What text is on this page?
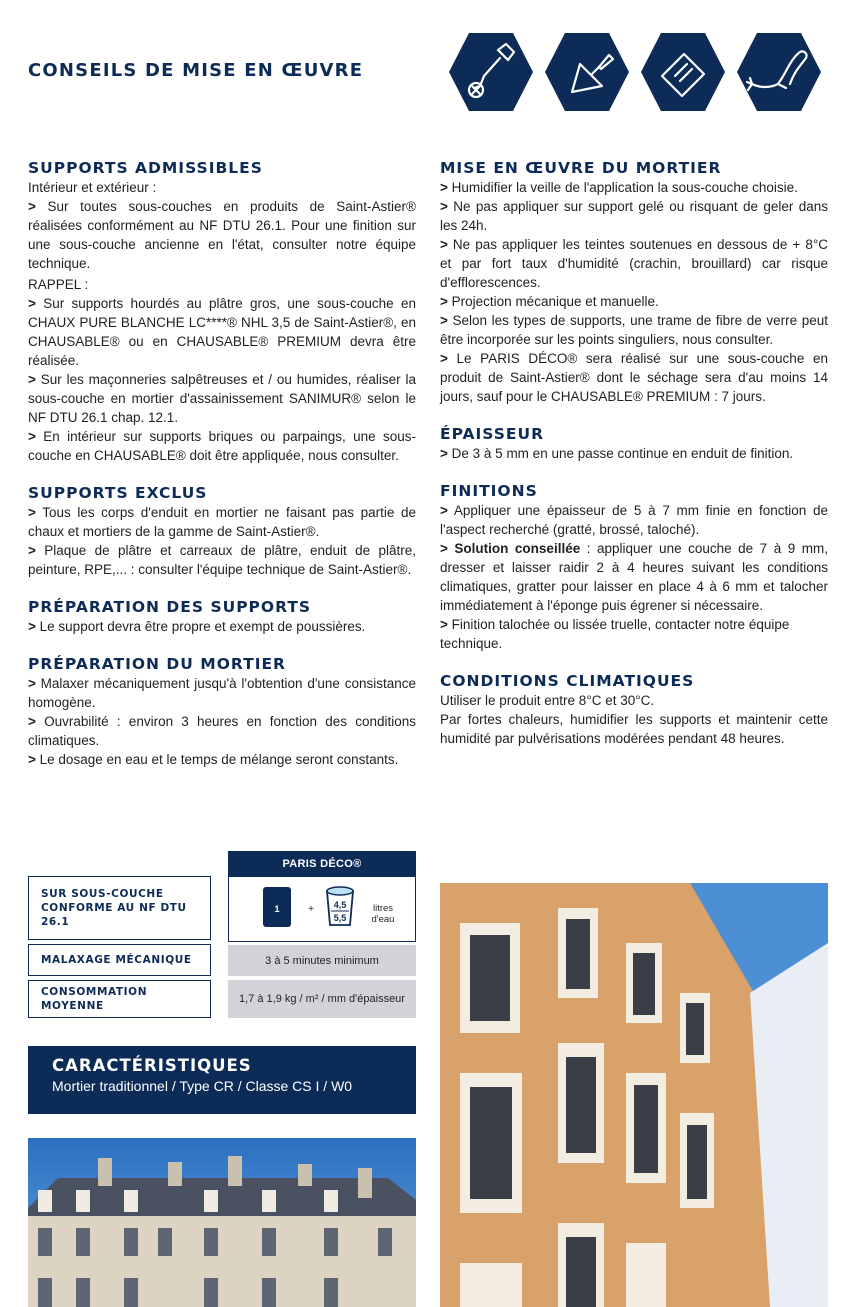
CONSEILS DE MISE EN ŒUVRE
SUPPORTS ADMISSIBLES
Intérieur et extérieur :

> Sur toutes sous-couches en produits de Saint-Astier® réalisées conformément au NF DTU 26.1. Pour une finition sur une sous-couche ancienne en l'état, consulter notre équipe technique.

RAPPEL :

> Sur supports hourdés au plâtre gros, une sous-couche en CHAUX PURE BLANCHE LC****® NHL 3,5 de Saint-Astier®, en CHAUSABLE® ou en CHAUSABLE® PREMIUM devra être réalisée.

> Sur les maçonneries salpêtreuses et / ou humides, réaliser la sous-couche en mortier d'assainissement SANIMUR® selon le NF DTU 26.1 chap. 12.1.

> En intérieur sur supports briques ou parpaings, une sous-couche en CHAUSABLE® doit être appliquée, nous consulter.

SUPPORTS EXCLUS

> Tous les corps d'enduit en mortier ne faisant pas partie de chaux et mortiers de la gamme de Saint-Astier®.

> Plaque de plâtre et carreaux de plâtre, enduit de plâtre, peinture, RPE,... : consulter l'équipe technique de Saint-Astier®.

PRÉPARATION DES SUPPORTS

> Le support devra être propre et exempt de poussières.

PRÉPARATION DU MORTIER

> Malaxer mécaniquement jusqu'à l'obtention d'une consistance homogène.

> Ouvrabilité : environ 3 heures en fonction des conditions climatiques.

> Le dosage en eau et le temps de mélange seront constants.

MISE EN ŒUVRE DU MORTIER

> Humidifier la veille de l'application la sous-couche choisie.

> Ne pas appliquer sur support gelé ou risquant de geler dans les 24h.

> Ne pas appliquer les teintes soutenues en dessous de + 8°C et par fort taux d'humidité (crachin, brouillard) car risque d'efflorescences.

> Projection mécanique et manuelle.

> Selon les types de supports, une trame de fibre de verre peut être incorporée sur les points singuliers, nous consulter.

> Le PARIS DÉCO® sera réalisé sur une sous-couche en produit de Saint-Astier® dont le séchage sera d'au moins 14 jours, sauf pour le CHAUSABLE® PREMIUM : 7 jours.

ÉPAISSEUR

> De 3 à 5 mm en une passe continue en enduit de finition.

FINITIONS

> Appliquer une épaisseur de 5 à 7 mm finie en fonction de l'aspect recherché (gratté, brossé, taloché).

> Solution conseillée : appliquer une couche de 7 à 9 mm, dresser et laisser raidir 2 à 4 heures suivant les conditions climatiques, gratter pour laisser en place 4 à 6 mm et talocher immédiatement à l'éponge puis égrener si nécessaire.

> Finition talochée ou lissée truelle, contacter notre équipe technique.

CONDITIONS CLIMATIQUES

Utiliser le produit entre 8°C et 30°C.

Par fortes chaleurs, humidifier les supports et maintenir cette humidité par pulvérisations modérées pendant 48 heures.

PARIS DÉCO®
SUR SOUS-COUCHE CONFORME AU NF DTU 26.1
1	+ 4,5
5,5
litres d'eau
MALAXAGE MÉCANIQUE	3 à 5 minutes minimum
CONSOMMATION MOYENNE
1,7 à 1,9 kg / m² / mm d'épaisseur
CARACTÉRISTIQUES
Mortier traditionnel / Type CR / Classe CS I / W0
